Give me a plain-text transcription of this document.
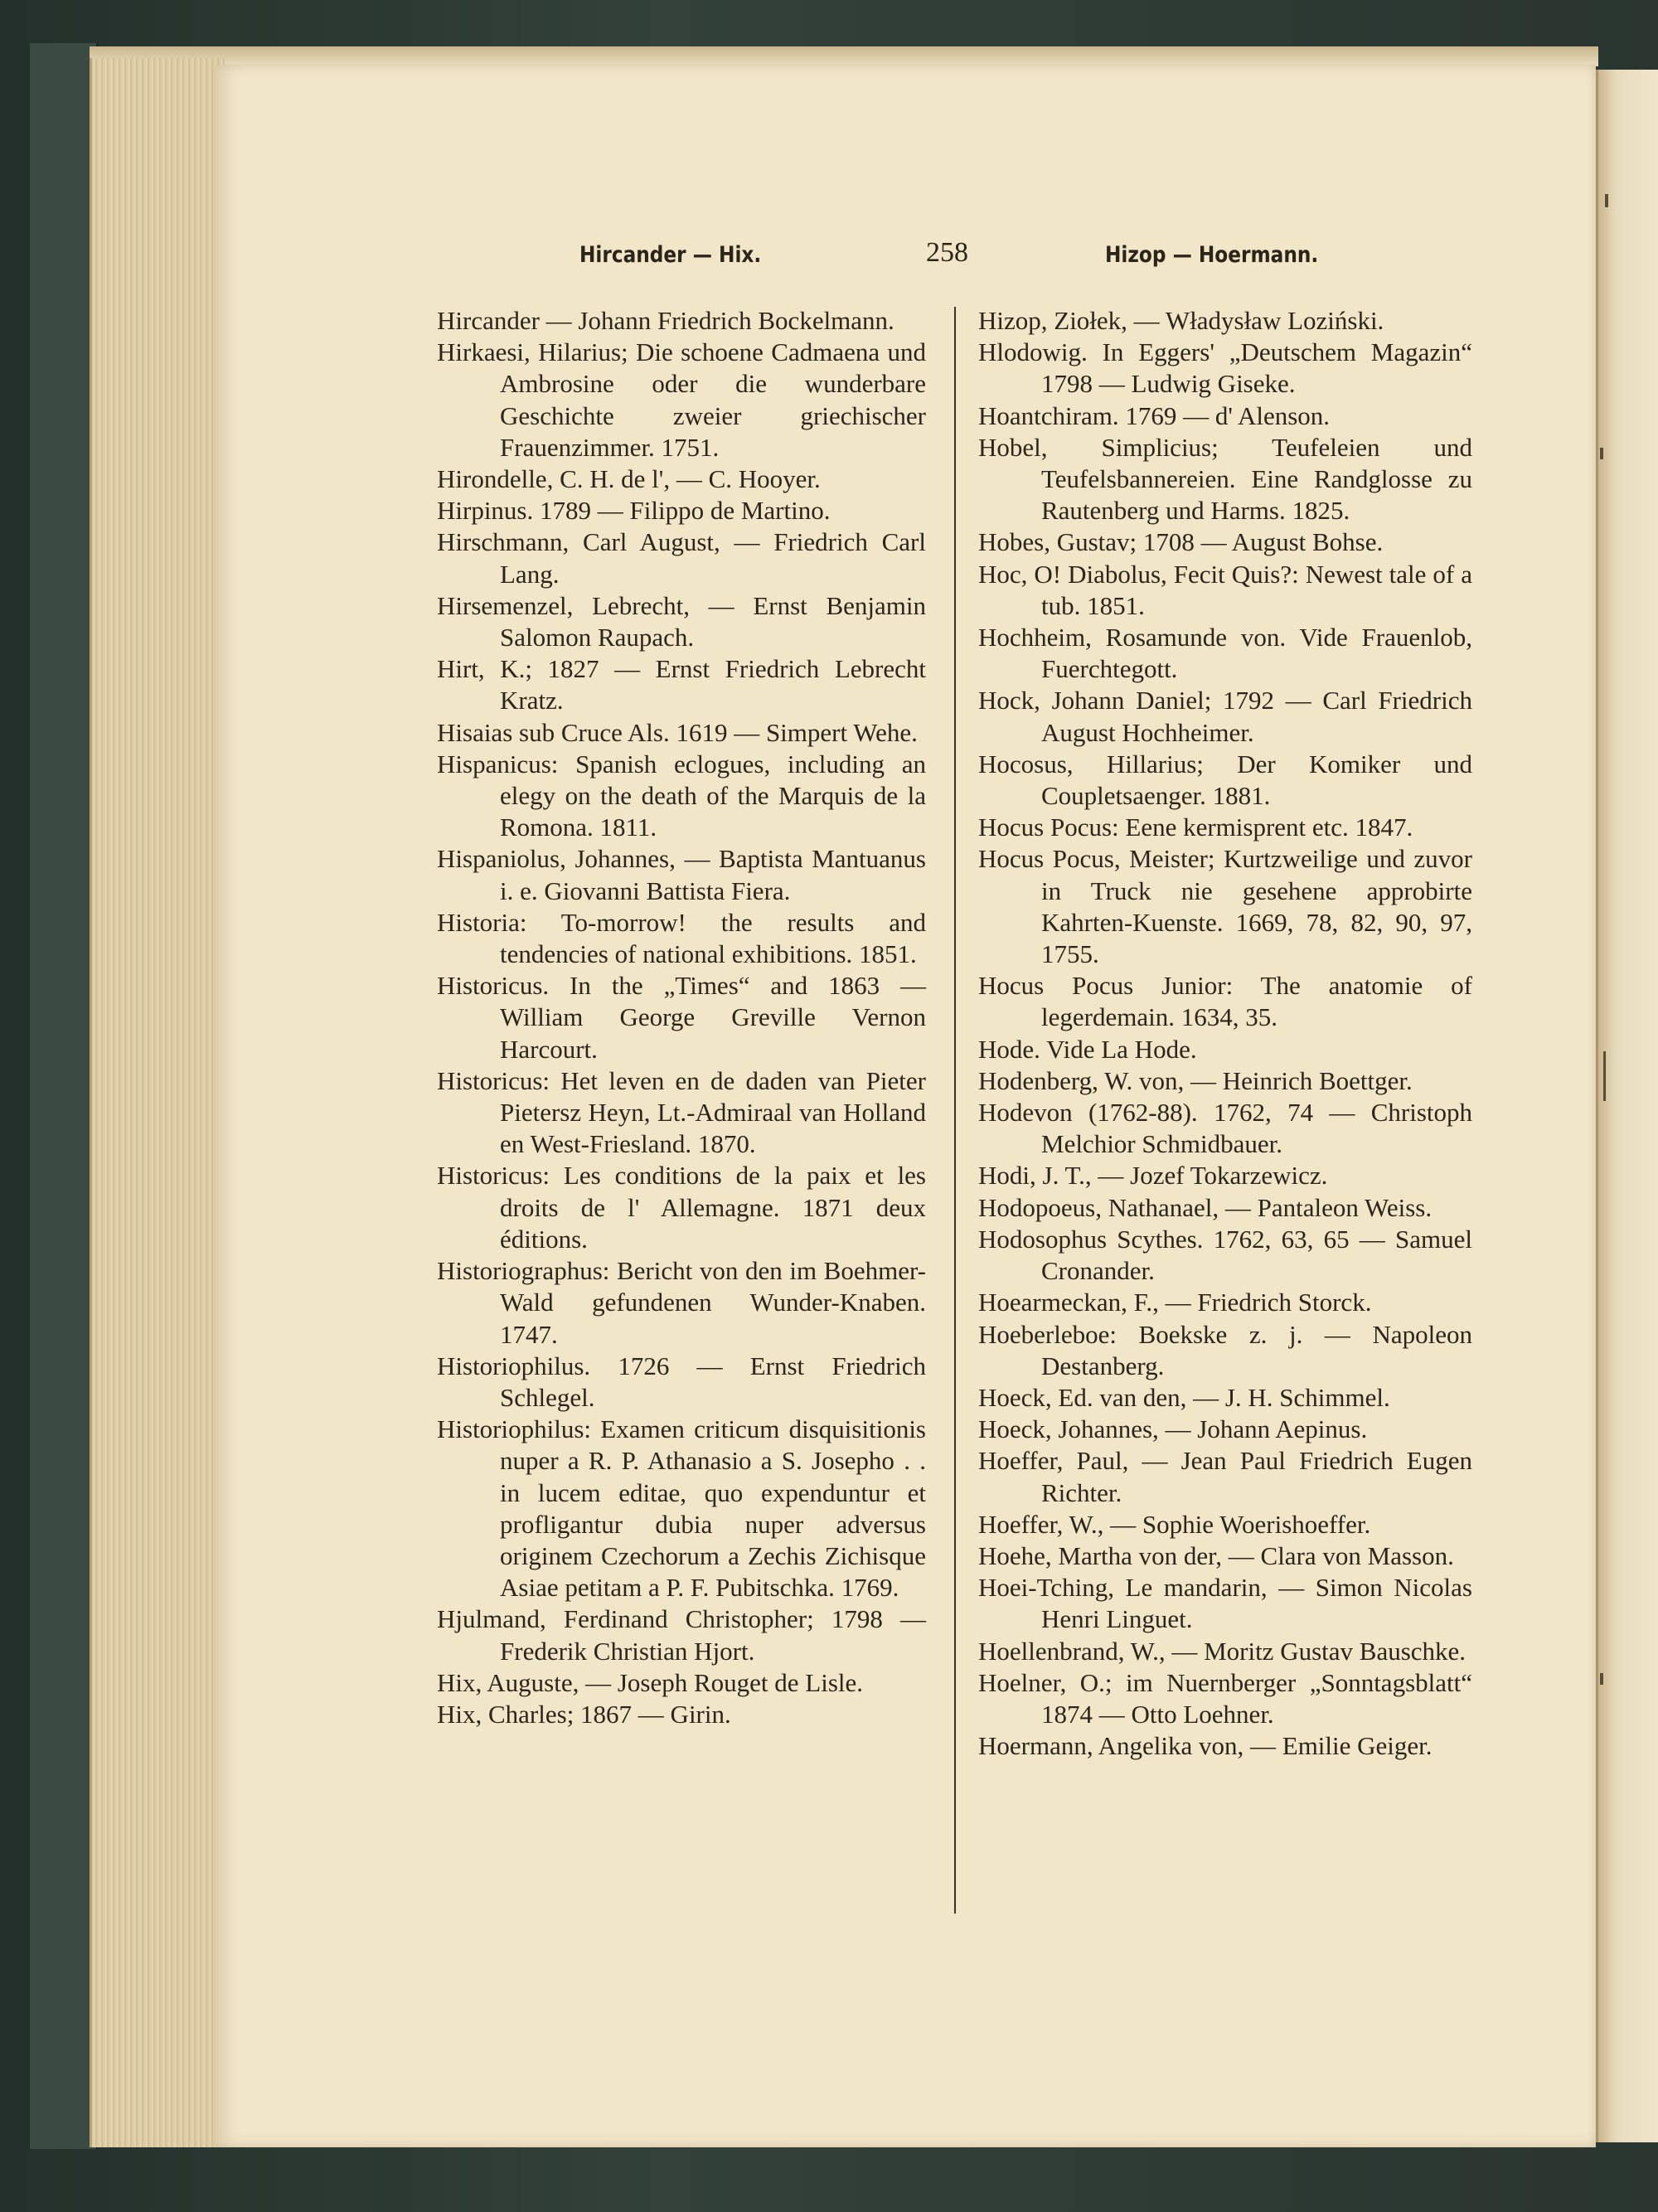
Hircander — Hix.	258	Hizop — Hoermann.

Hircander — Johann Friedrich Bockelmann.

Hirkaesi, Hilarius; Die schoene Cadmaena und Ambrosine oder die wunderbare Geschichte zweier griechischer Frauenzimmer. 1751.

Hirondelle, C. H. de l', — C. Hooyer.

Hirpinus. 1789 — Filippo de Martino.

Hirschmann, Carl August, — Friedrich Carl Lang.

Hirsemenzel, Lebrecht, — Ernst Benjamin Salomon Raupach.

Hirt, K.; 1827 — Ernst Friedrich Lebrecht Kratz.

Hisaias sub Cruce Als. 1619 — Simpert Wehe.

Hispanicus: Spanish eclogues, including an elegy on the death of the Marquis de la Romona. 1811.

Hispaniolus, Johannes, — Baptista Mantuanus i. e. Giovanni Battista Fiera.

Historia: To-morrow! the results and tendencies of national exhibitions. 1851.

Historicus. In the „Times“ and 1863 — William George Greville Vernon Harcourt.

Historicus: Het leven en de daden van Pieter Pietersz Heyn, Lt.-Admiraal van Holland en West-Friesland. 1870.

Historicus: Les conditions de la paix et les droits de l' Allemagne. 1871 deux éditions.

Historiographus: Bericht von den im Boehmer-Wald gefundenen Wunder-Knaben. 1747.

Historiophilus. 1726 — Ernst Friedrich Schlegel.

Historiophilus: Examen criticum disquisitionis nuper a R. P. Athanasio a S. Josepho . . in lucem editae, quo expenduntur et profligantur dubia nuper adversus originem Czechorum a Zechis Zichisque Asiae petitam a P. F. Pubitschka. 1769.

Hjulmand, Ferdinand Christopher; 1798 — Frederik Christian Hjort.

Hix, Auguste, — Joseph Rouget de Lisle.

Hix, Charles; 1867 — Girin.

Hizop, Ziołek, — Władysław Loziński.

Hlodowig. In Eggers' „Deutschem Magazin“ 1798 — Ludwig Giseke.

Hoantchiram. 1769 — d' Alenson.

Hobel, Simplicius; Teufeleien und Teufelsbannereien. Eine Randglosse zu Rautenberg und Harms. 1825.

Hobes, Gustav; 1708 — August Bohse.

Hoc, O! Diabolus, Fecit Quis?: Newest tale of a tub. 1851.

Hochheim, Rosamunde von. Vide Frauenlob, Fuerchtegott.

Hock, Johann Daniel; 1792 — Carl Friedrich August Hochheimer.

Hocosus, Hillarius; Der Komiker und Coupletsaenger. 1881.

Hocus Pocus: Eene kermisprent etc. 1847.

Hocus Pocus, Meister; Kurtzweilige und zuvor in Truck nie gesehene approbirte Kahrten-Kuenste. 1669, 78, 82, 90, 97, 1755.

Hocus Pocus Junior: The anatomie of legerdemain. 1634, 35.

Hode. Vide La Hode.

Hodenberg, W. von, — Heinrich Boettger.

Hodevon (1762-88). 1762, 74 — Christoph Melchior Schmidbauer.

Hodi, J. T., — Jozef Tokarzewicz.

Hodopoeus, Nathanael, — Pantaleon Weiss.

Hodosophus Scythes. 1762, 63, 65 — Samuel Cronander.

Hoearmeckan, F., — Friedrich Storck.

Hoeberleboe: Boekske z. j. — Napoleon Destanberg.

Hoeck, Ed. van den, — J. H. Schimmel.

Hoeck, Johannes, — Johann Aepinus.

Hoeffer, Paul, — Jean Paul Friedrich Eugen Richter.

Hoeffer, W., — Sophie Woerishoeffer.

Hoehe, Martha von der, — Clara von Masson.

Hoei-Tching, Le mandarin, — Simon Nicolas Henri Linguet.

Hoellenbrand, W., — Moritz Gustav Bauschke.

Hoelner, O.; im Nuernberger „Sonntagsblatt“ 1874 — Otto Loehner.

Hoermann, Angelika von, — Emilie Geiger.
